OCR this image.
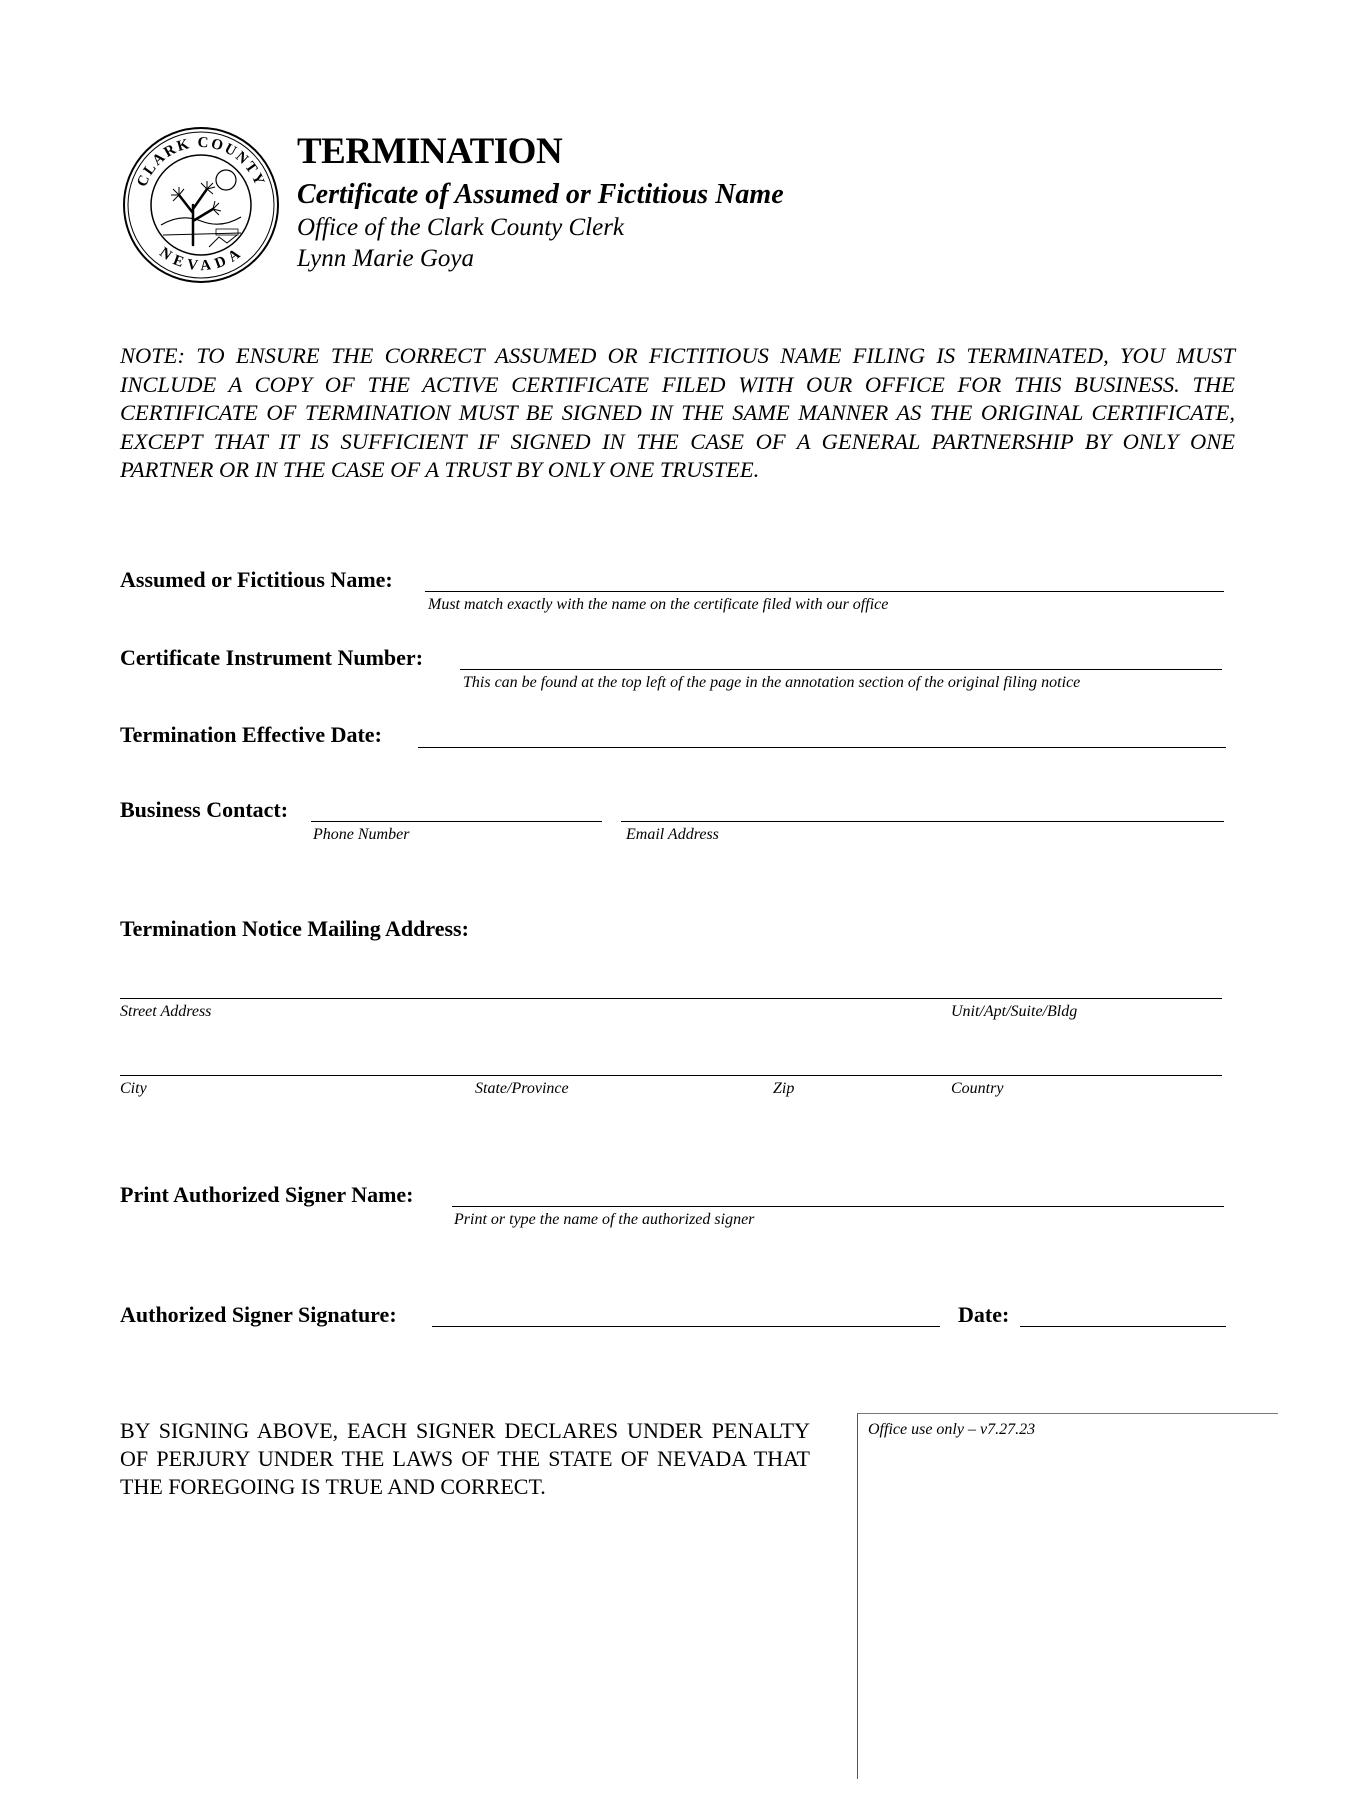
CLARK COUNTY
NEVADA
TERMINATION
Certificate of Assumed or Fictitious Name
Office of the Clark County Clerk
Lynn Marie Goya
NOTE: TO ENSURE THE CORRECT ASSUMED OR FICTITIOUS NAME FILING IS TERMINATED, YOU MUST INCLUDE A COPY OF THE ACTIVE CERTIFICATE FILED WITH OUR OFFICE FOR THIS BUSINESS. THE CERTIFICATE OF TERMINATION MUST BE SIGNED IN THE SAME MANNER AS THE ORIGINAL CERTIFICATE, EXCEPT THAT IT IS SUFFICIENT IF SIGNED IN THE CASE OF A GENERAL PARTNERSHIP BY ONLY ONE PARTNER OR IN THE CASE OF A TRUST BY ONLY ONE TRUSTEE.
Assumed or Fictitious Name:
Must match exactly with the name on the certificate filed with our office
Certificate Instrument Number:
This can be found at the top left of the page in the annotation section of the original filing notice
Termination Effective Date:
Business Contact:
Phone Number	Email Address
Termination Notice Mailing Address:
Street Address	Unit/Apt/Suite/Bldg
City	State/Province	Zip	Country
Print Authorized Signer Name:
Print or type the name of the authorized signer
Authorized Signer Signature:	Date:
BY SIGNING ABOVE, EACH SIGNER DECLARES UNDER PENALTY OF PERJURY UNDER THE LAWS OF THE STATE OF NEVADA THAT THE FOREGOING IS TRUE AND CORRECT.
Office use only – v7.27.23
